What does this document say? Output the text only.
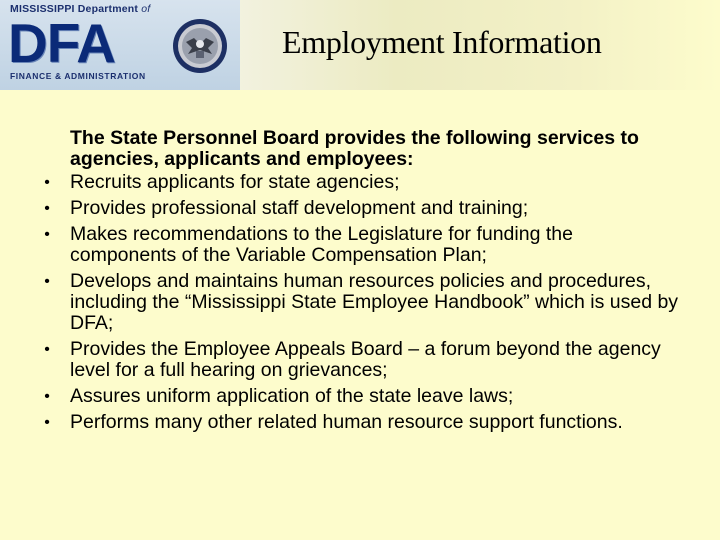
MISSISSIPPI Department of
DFA
FINANCE & ADMINISTRATION
Employment Information

The State Personnel Board provides the following services to agencies, applicants and employees:

• Recruits applicants for state agencies;
• Provides professional staff development and training;
• Makes recommendations to the Legislature for funding the components of the Variable Compensation Plan;
• Develops and maintains human resources policies and procedures, including the “Mississippi State Employee Handbook” which is used by DFA;
• Provides the Employee Appeals Board – a forum beyond the agency level for a full hearing on grievances;
• Assures uniform application of the state leave laws;
• Performs many other related human resource support functions.
